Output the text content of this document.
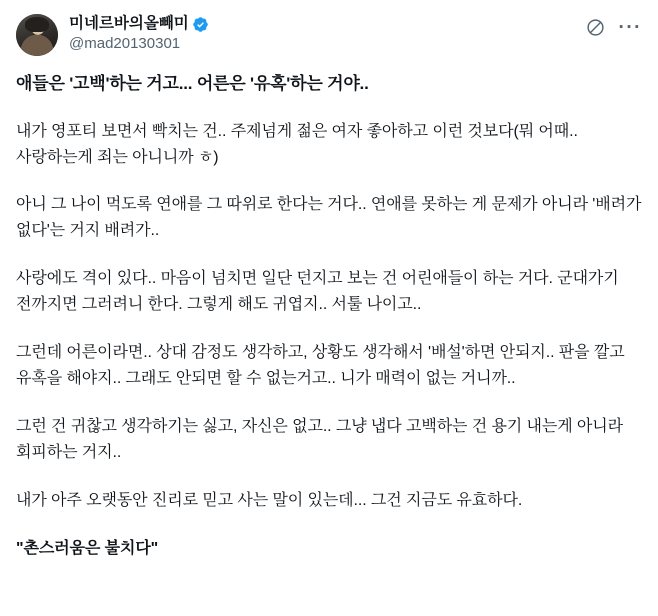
미네르바의올빼미
@mad20130301
···

애들은 '고백'하는 거고... 어른은 '유혹'하는 거야..

내가 영포티 보면서 빡치는 건.. 주제넘게 젊은 여자 좋아하고 이런 것보다(뭐 어때.. 사랑하는게 죄는 아니니까 ㅎ)

아니 그 나이 먹도록 연애를 그 따위로 한다는 거다.. 연애를 못하는 게 문제가 아니라 '배려가 없다'는 거지 배려가..

사랑에도 격이 있다.. 마음이 넘치면 일단 던지고 보는 건 어린애들이 하는 거다. 군대가기 전까지면 그러려니 한다. 그렇게 해도 귀엽지.. 서툴 나이고..

그런데 어른이라면.. 상대 감정도 생각하고, 상황도 생각해서 '배설'하면 안되지.. 판을 깔고 유혹을 해야지.. 그래도 안되면 할 수 없는거고.. 니가 매력이 없는 거니까..

그런 건 귀찮고 생각하기는 싫고, 자신은 없고.. 그냥 냅다 고백하는 건 용기 내는게 아니라 회피하는 거지..

내가 아주 오랫동안 진리로 믿고 사는 말이 있는데... 그건 지금도 유효하다.

"촌스러움은 불치다"
